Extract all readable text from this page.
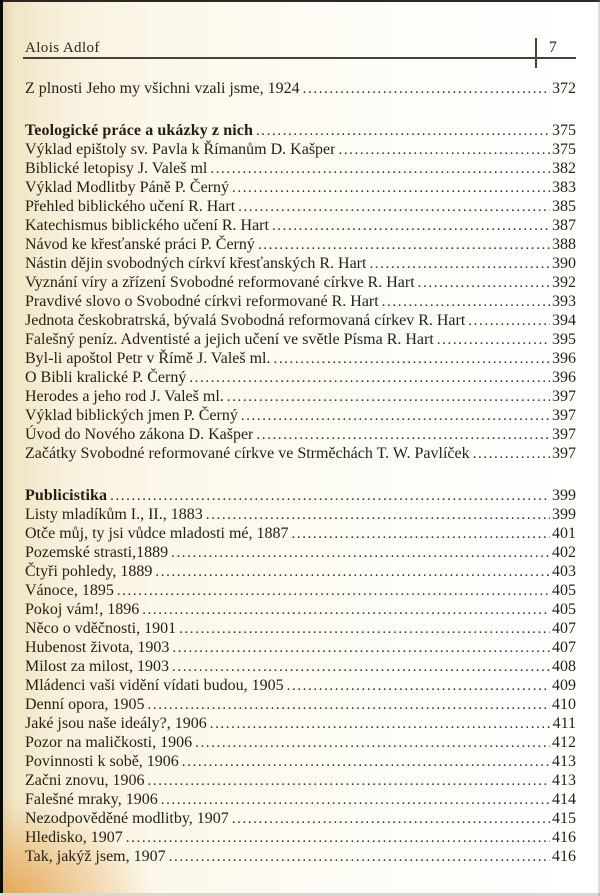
Alois Adlof	7
Z plnosti Jeho my všichni vzali jsme, 1924 .....	372
Teologické práce a ukázky z nich .....	375
Výklad epištoly sv. Pavla k Římanům D. Kašper .....	375
Biblické letopisy J. Valeš ml .....	382
Výklad Modlitby Páně P. Černý .....	383
Přehled biblického učení R. Hart .....	385
Katechismus biblického učení R. Hart .....	387
Návod ke křesťanské práci P. Černý .....	388
Nástin dějin svobodných církví křesťanských R. Hart .....	390
Vyznání víry a zřízení Svobodné reformované církve R. Hart .....	392
Pravdivé slovo o Svobodné církvi reformované R. Hart .....	393
Jednota českobratrská, bývalá Svobodná reformovaná církev R. Hart .....	394
Falešný peníz. Adventisté a jejich učení ve světle Písma R. Hart .....	395
Byl-li apoštol Petr v Římě J. Valeš ml. .....	396
O Bibli kralické P. Černý .....	396
Herodes a jeho rod J. Valeš ml. .....	397
Výklad biblických jmen P. Černý .....	397
Úvod do Nového zákona D. Kašper .....	397
Začátky Svobodné reformované církve ve Strměchách T. W. Pavlíček .....	397
Publicistika .....	399
Listy mladíkům I., II., 1883 .....	399
Otče můj, ty jsi vůdce mladosti mé, 1887 .....	401
Pozemské strasti,1889 .....	402
Čtyři pohledy, 1889 .....	403
Vánoce, 1895 .....	405
Pokoj vám!, 1896 .....	405
Něco o vděčnosti, 1901 .....	407
Hubenost života, 1903 .....	407
Milost za milost, 1903 .....	408
Mládenci vaši vidění vídati budou, 1905 .....	409
Denní opora, 1905 .....	410
Jaké jsou naše ideály?, 1906 .....	411
Pozor na maličkosti, 1906 .....	412
Povinnosti k sobě, 1906 .....	413
Začni znovu, 1906 .....	413
Falešné mraky, 1906 .....	414
Nezodpověděné modlitby, 1907 .....	415
Hledisko, 1907 .....	416
Tak, jakýž jsem, 1907 .....	416
